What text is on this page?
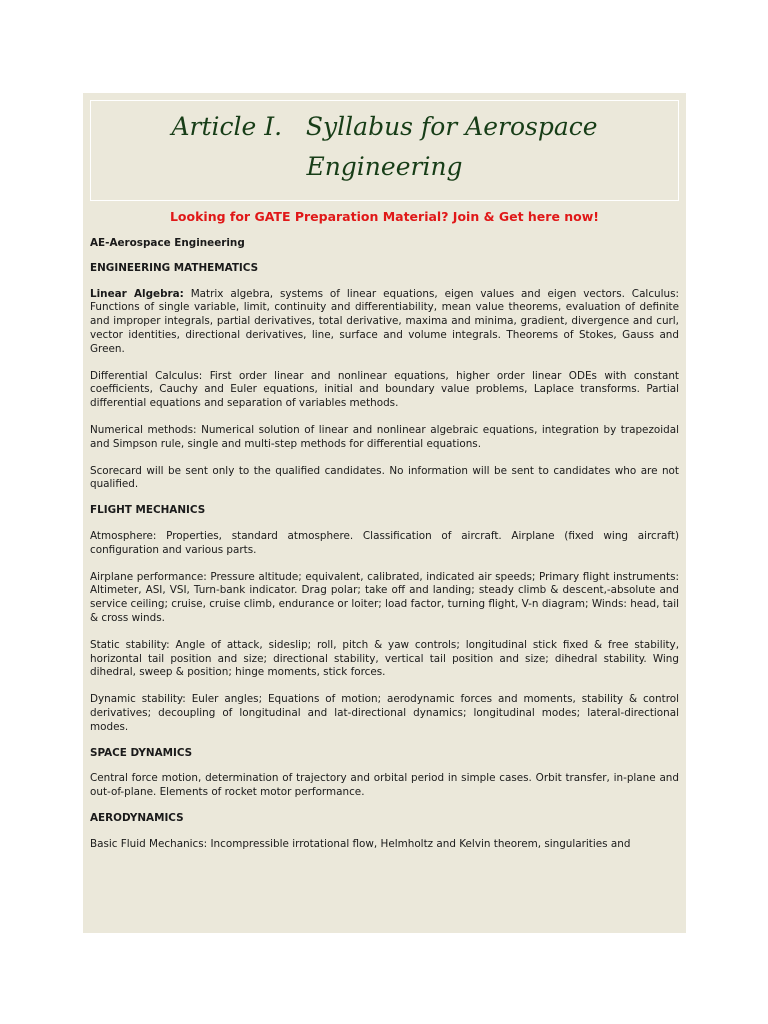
Article I.   Syllabus for Aerospace
Engineering
Looking for GATE Preparation Material? Join & Get here now!

AE-Aerospace Engineering

ENGINEERING MATHEMATICS

Linear Algebra: Matrix algebra, systems of linear equations, eigen values and eigen vectors. Calculus: Functions of single variable, limit, continuity and differentiability, mean value theorems, evaluation of definite and improper integrals, partial derivatives, total derivative, maxima and minima, gradient, divergence and curl, vector identities, directional derivatives, line, surface and volume integrals. Theorems of Stokes, Gauss and Green.

Differential Calculus: First order linear and nonlinear equations, higher order linear ODEs with constant coefficients, Cauchy and Euler equations, initial and boundary value problems, Laplace transforms. Partial differential equations and separation of variables methods.

Numerical methods: Numerical solution of linear and nonlinear algebraic equations, integration by trapezoidal and Simpson rule, single and multi-step methods for differential equations.

Scorecard will be sent only to the qualified candidates. No information will be sent to candidates who are not qualified.

FLIGHT MECHANICS

Atmosphere: Properties, standard atmosphere. Classification of aircraft. Airplane (fixed wing aircraft) configuration and various parts.

Airplane performance: Pressure altitude; equivalent, calibrated, indicated air speeds; Primary flight instruments: Altimeter, ASI, VSI, Turn-bank indicator. Drag polar; take off and landing; steady climb & descent,-absolute and service ceiling; cruise, cruise climb, endurance or loiter; load factor, turning flight, V-n diagram; Winds: head, tail & cross winds.

Static stability: Angle of attack, sideslip; roll, pitch & yaw controls; longitudinal stick fixed & free stability, horizontal tail position and size; directional stability, vertical tail position and size; dihedral stability. Wing dihedral, sweep & position; hinge moments, stick forces.

Dynamic stability: Euler angles; Equations of motion; aerodynamic forces and moments, stability & control derivatives; decoupling of longitudinal and lat-directional dynamics; longitudinal modes; lateral-directional modes.

SPACE DYNAMICS

Central force motion, determination of trajectory and orbital period in simple cases. Orbit transfer, in-plane and out-of-plane. Elements of rocket motor performance.

AERODYNAMICS

Basic Fluid Mechanics: Incompressible irrotational flow, Helmholtz and Kelvin theorem, singularities and
